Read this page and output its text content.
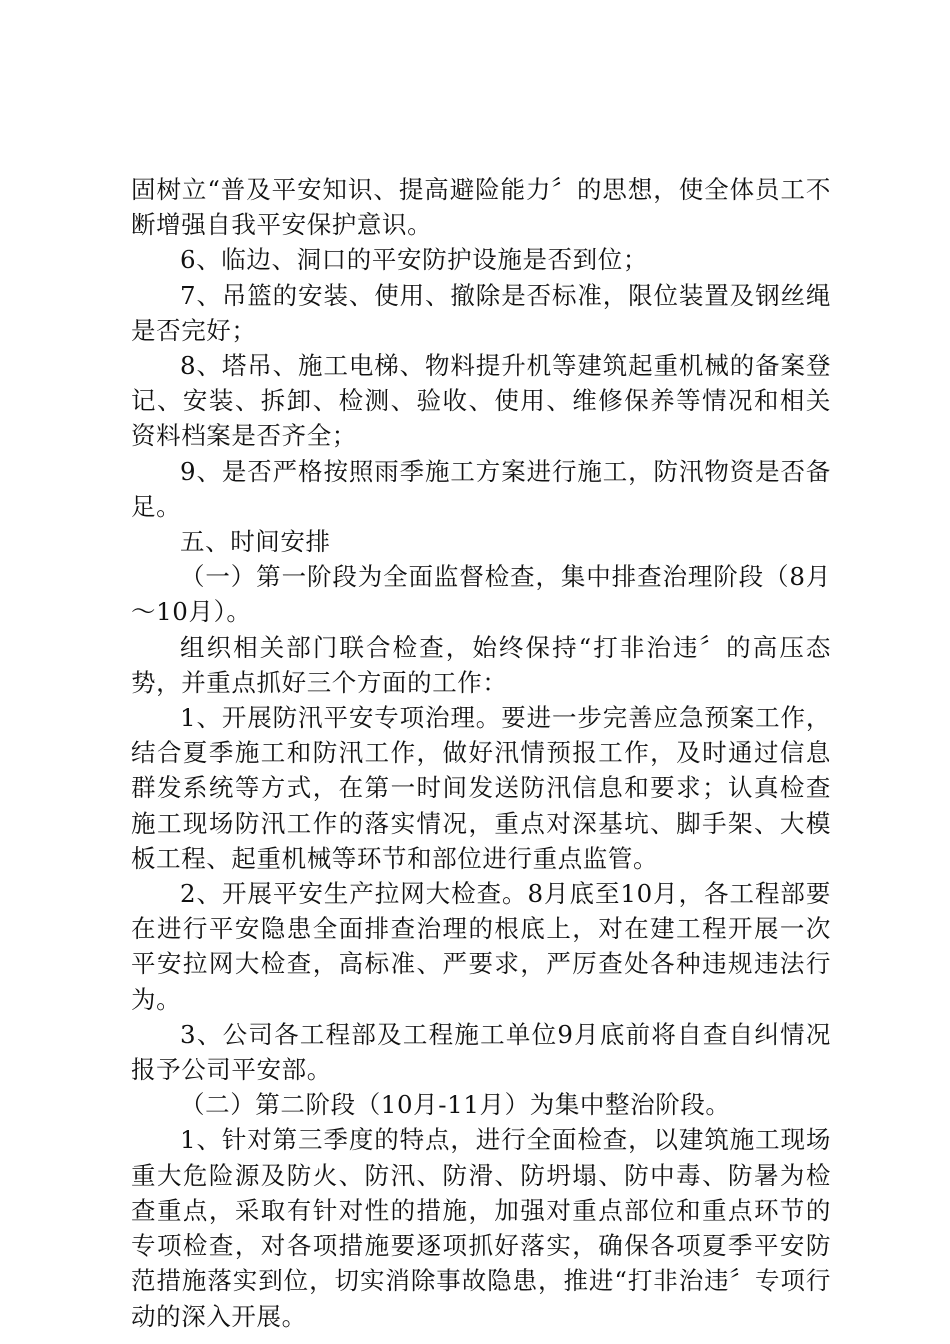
固树立“普及平安知识、提高避险能力〞的思想，使全体员工不断增强自我平安保护意识。

6、临边、洞口的平安防护设施是否到位；

7、吊篮的安装、使用、撤除是否标准，限位装置及钢丝绳是否完好；

8、塔吊、施工电梯、物料提升机等建筑起重机械的备案登记、安装、拆卸、检测、验收、使用、维修保养等情况和相关资料档案是否齐全；

9、是否严格按照雨季施工方案进行施工，防汛物资是否备足。

五、时间安排

（一）第一阶段为全面监督检查，集中排查治理阶段（8月～10月）。

组织相关部门联合检查，始终保持“打非治违〞的高压态势，并重点抓好三个方面的工作：

1、开展防汛平安专项治理。要进一步完善应急预案工作，结合夏季施工和防汛工作，做好汛情预报工作，及时通过信息群发系统等方式，在第一时间发送防汛信息和要求；认真检查施工现场防汛工作的落实情况，重点对深基坑、脚手架、大模板工程、起重机械等环节和部位进行重点监管。

2、开展平安生产拉网大检查。8月底至10月，各工程部要在进行平安隐患全面排查治理的根底上，对在建工程开展一次平安拉网大检查，高标准、严要求，严厉查处各种违规违法行为。

3、公司各工程部及工程施工单位9月底前将自查自纠情况报予公司平安部。

（二）第二阶段（10月-11月）为集中整治阶段。

1、针对第三季度的特点，进行全面检查，以建筑施工现场重大危险源及防火、防汛、防滑、防坍塌、防中毒、防暑为检查重点，采取有针对性的措施，加强对重点部位和重点环节的专项检查，对各项措施要逐项抓好落实，确保各项夏季平安防范措施落实到位，切实消除事故隐患，推进“打非治违〞专项行动的深入开展。
